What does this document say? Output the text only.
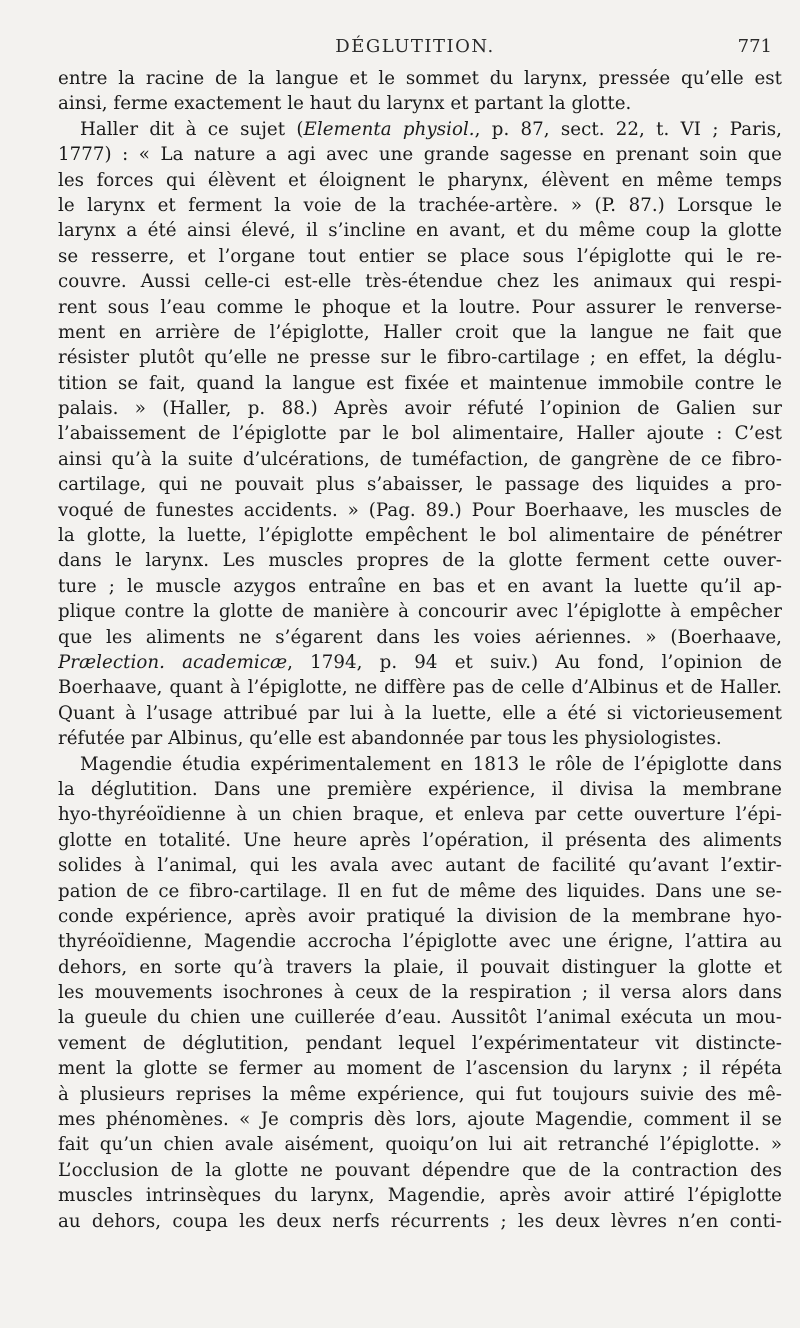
DÉGLUTITION.	771
entre la racine de la langue et le sommet du larynx, pressée qu’elle est
ainsi, ferme exactement le haut du larynx et partant la glotte.
Haller dit à ce sujet (Elementa physiol., p. 87, sect. 22, t. VI ; Paris,
1777) : « La nature a agi avec une grande sagesse en prenant soin que
les forces qui élèvent et éloignent le pharynx, élèvent en même temps
le larynx et ferment la voie de la trachée-artère. » (P. 87.) Lorsque le
larynx a été ainsi élevé, il s’incline en avant, et du même coup la glotte
se resserre, et l’organe tout entier se place sous l’épiglotte qui le re-
couvre. Aussi celle-ci est-elle très-étendue chez les animaux qui respi-
rent sous l’eau comme le phoque et la loutre. Pour assurer le renverse-
ment en arrière de l’épiglotte, Haller croit que la langue ne fait que
résister plutôt qu’elle ne presse sur le fibro-cartilage ; en effet, la déglu-
tition se fait, quand la langue est fixée et maintenue immobile contre le
palais. » (Haller, p. 88.) Après avoir réfuté l’opinion de Galien sur
l’abaissement de l’épiglotte par le bol alimentaire, Haller ajoute : C’est
ainsi qu’à la suite d’ulcérations, de tuméfaction, de gangrène de ce fibro-
cartilage, qui ne pouvait plus s’abaisser, le passage des liquides a pro-
voqué de funestes accidents. » (Pag. 89.) Pour Boerhaave, les muscles de
la glotte, la luette, l’épiglotte empêchent le bol alimentaire de pénétrer
dans le larynx. Les muscles propres de la glotte ferment cette ouver-
ture ; le muscle azygos entraîne en bas et en avant la luette qu’il ap-
plique contre la glotte de manière à concourir avec l’épiglotte à empêcher
que les aliments ne s’égarent dans les voies aériennes. » (Boerhaave,
Prælection. academicæ, 1794, p. 94 et suiv.) Au fond, l’opinion de
Boerhaave, quant à l’épiglotte, ne diffère pas de celle d’Albinus et de Haller.
Quant à l’usage attribué par lui à la luette, elle a été si victorieusement
réfutée par Albinus, qu’elle est abandonnée par tous les physiologistes.
Magendie étudia expérimentalement en 1813 le rôle de l’épiglotte dans
la déglutition. Dans une première expérience, il divisa la membrane
hyo-thyréoïdienne à un chien braque, et enleva par cette ouverture l’épi-
glotte en totalité. Une heure après l’opération, il présenta des aliments
solides à l’animal, qui les avala avec autant de facilité qu’avant l’extir-
pation de ce fibro-cartilage. Il en fut de même des liquides. Dans une se-
conde expérience, après avoir pratiqué la division de la membrane hyo-
thyréoïdienne, Magendie accrocha l’épiglotte avec une érigne, l’attira au
dehors, en sorte qu’à travers la plaie, il pouvait distinguer la glotte et
les mouvements isochrones à ceux de la respiration ; il versa alors dans
la gueule du chien une cuillerée d’eau. Aussitôt l’animal exécuta un mou-
vement de déglutition, pendant lequel l’expérimentateur vit distincte-
ment la glotte se fermer au moment de l’ascension du larynx ; il répéta
à plusieurs reprises la même expérience, qui fut toujours suivie des mê-
mes phénomènes. « Je compris dès lors, ajoute Magendie, comment il se
fait qu’un chien avale aisément, quoiqu’on lui ait retranché l’épiglotte. »
L’occlusion de la glotte ne pouvant dépendre que de la contraction des
muscles intrinsèques du larynx, Magendie, après avoir attiré l’épiglotte
au dehors, coupa les deux nerfs récurrents ; les deux lèvres n’en conti-
